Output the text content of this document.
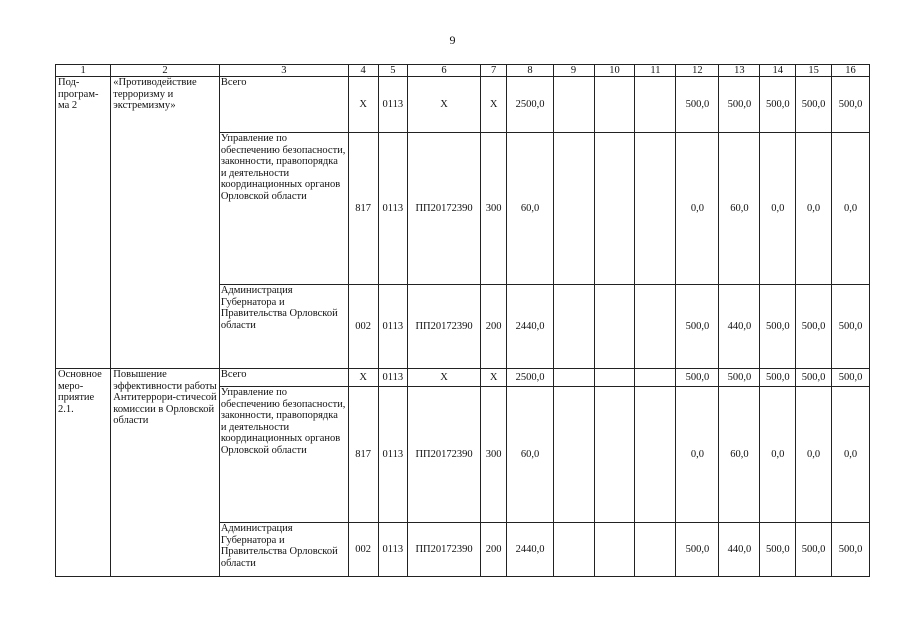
9
1	2	3	4	5	6	7	8	9	10	11	12	13	14	15	16
Под-
програм-
ма 2	«Противодействие терроризму и экстремизму»	Всего	Х	0113	Х	Х	2500,0				500,0	500,0	500,0	500,0	500,0
		Управление по обеспечению безопасности, законности, правопорядка и деятельности координационных органов Орловской области	817	0113	ПП20172390	300	60,0				0,0	60,0	0,0	0,0	0,0
		Администрация Губернатора и Правительства Орловской области	002	0113	ПП20172390	200	2440,0				500,0	440,0	500,0	500,0	500,0
Основное
меро-
приятие
2.1.	Повышение эффективности работы Антитеррори-стичесой комиссии в Орловской области	Всего	Х	0113	Х	Х	2500,0				500,0	500,0	500,0	500,0	500,0
		Управление по обеспечению безопасности, законности, правопорядка и деятельности координационных органов Орловской области	817	0113	ПП20172390	300	60,0				0,0	60,0	0,0	0,0	0,0
		Администрация Губернатора и Правительства Орловской области	002	0113	ПП20172390	200	2440,0				500,0	440,0	500,0	500,0	500,0
